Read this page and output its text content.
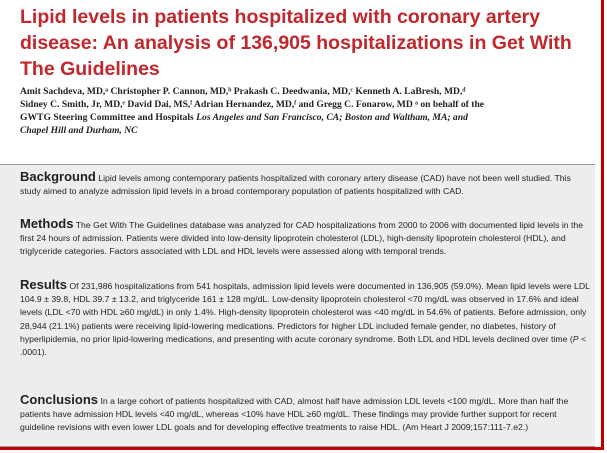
Lipid levels in patients hospitalized with coronary artery disease: An analysis of 136,905 hospitalizations in Get With The Guidelines
Amit Sachdeva, MD,ᵃ Christopher P. Cannon, MD,ᵇ Prakash C. Deedwania, MD,ᶜ Kenneth A. LaBresh, MD,ᵈ
Sidney C. Smith, Jr, MD,ᵉ David Dai, MS,ᶠ Adrian Hernandez, MD,ᶠ and Gregg C. Fonarow, MD ᵃ on behalf of the
GWTG Steering Committee and Hospitals Los Angeles and San Francisco, CA; Boston and Waltham, MA; and
Chapel Hill and Durham, NC
Background Lipid levels among contemporary patients hospitalized with coronary artery disease (CAD) have not been well studied. This study aimed to analyze admission lipid levels in a broad contemporary population of patients hospitalized with CAD.
Methods The Get With The Guidelines database was analyzed for CAD hospitalizations from 2000 to 2006 with documented lipid levels in the first 24 hours of admission. Patients were divided into low-density lipoprotein cholesterol (LDL), high-density lipoprotein cholesterol (HDL), and triglyceride categories. Factors associated with LDL and HDL levels were assessed along with temporal trends.
Results Of 231,986 hospitalizations from 541 hospitals, admission lipid levels were documented in 136,905 (59.0%). Mean lipid levels were LDL 104.9 ± 39.8, HDL 39.7 ± 13.2, and triglyceride 161 ± 128 mg/dL. Low-density lipoprotein cholesterol <70 mg/dL was observed in 17.6% and ideal levels (LDL <70 with HDL ≥60 mg/dL) in only 1.4%. High-density lipoprotein cholesterol was <40 mg/dL in 54.6% of patients. Before admission, only 28,944 (21.1%) patients were receiving lipid-lowering medications. Predictors for higher LDL included female gender, no diabetes, history of hyperlipidemia, no prior lipid-lowering medications, and presenting with acute coronary syndrome. Both LDL and HDL levels declined over time (P < .0001).
Conclusions In a large cohort of patients hospitalized with CAD, almost half have admission LDL levels <100 mg/dL. More than half the patients have admission HDL levels <40 mg/dL, whereas <10% have HDL ≥60 mg/dL. These findings may provide further support for recent guideline revisions with even lower LDL goals and for developing effective treatments to raise HDL. (Am Heart J 2009;157:111-7.e2.)
